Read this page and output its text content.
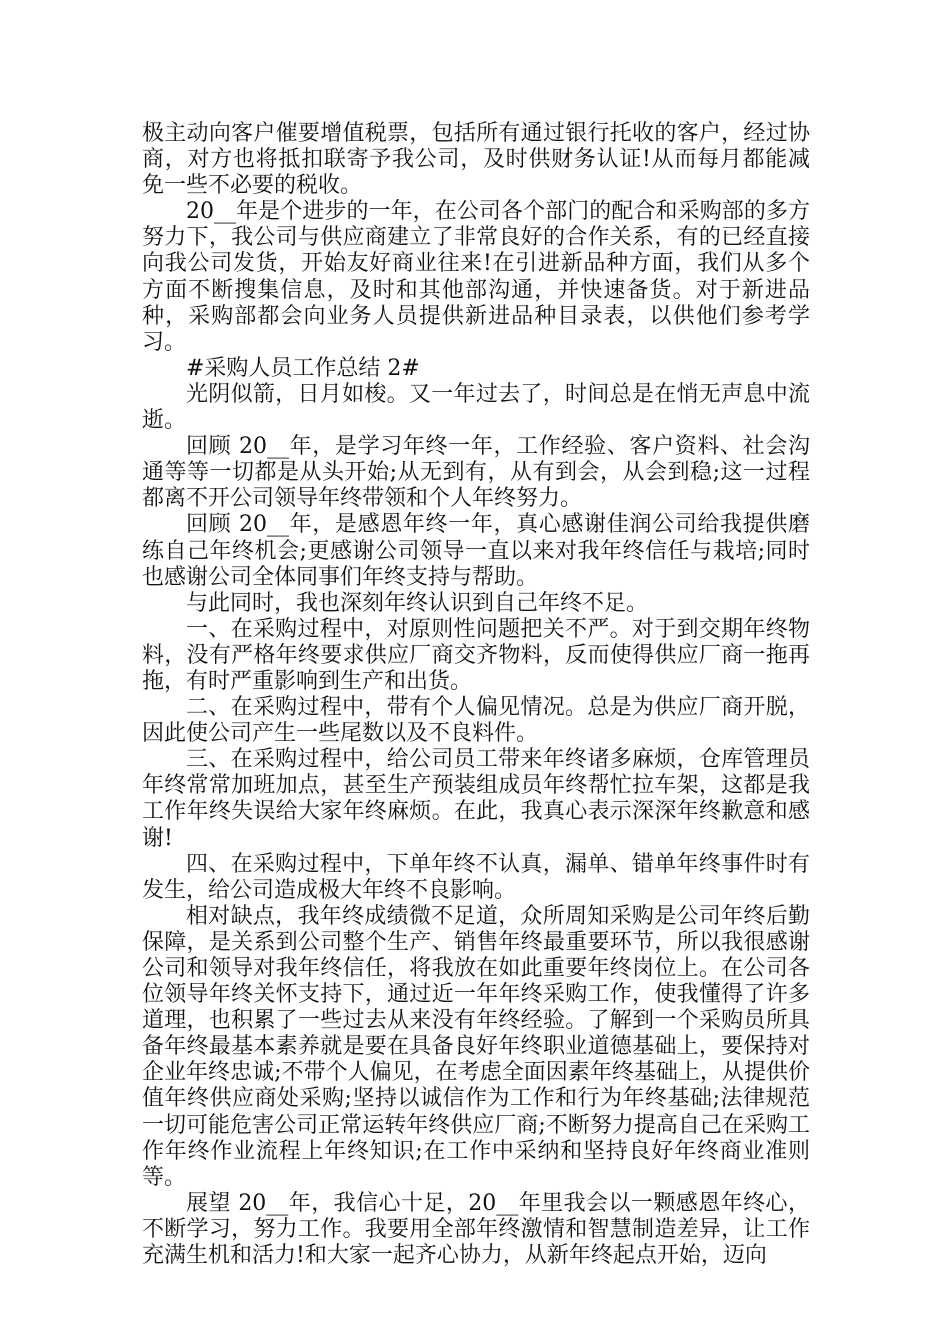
极主动向客户催要增值税票，包括所有通过银行托收的客户，经过协商，对方也将抵扣联寄予我公司，及时供财务认证!从而每月都能减免一些不必要的税收。

20__年是个进步的一年，在公司各个部门的配合和采购部的多方努力下，我公司与供应商建立了非常良好的合作关系，有的已经直接向我公司发货，开始友好商业往来!在引进新品种方面，我们从多个方面不断搜集信息，及时和其他部沟通，并快速备货。对于新进品种，采购部都会向业务人员提供新进品种目录表，以供他们参考学习。

#采购人员工作总结 2#

光阴似箭，日月如梭。又一年过去了，时间总是在悄无声息中流逝。

回顾 20__年，是学习年终一年，工作经验、客户资料、社会沟通等等一切都是从头开始;从无到有，从有到会，从会到稳;这一过程都离不开公司领导年终带领和个人年终努力。

回顾 20__年，是感恩年终一年，真心感谢佳润公司给我提供磨练自己年终机会;更感谢公司领导一直以来对我年终信任与栽培;同时也感谢公司全体同事们年终支持与帮助。

与此同时，我也深刻年终认识到自己年终不足。

一、在采购过程中，对原则性问题把关不严。对于到交期年终物料，没有严格年终要求供应厂商交齐物料，反而使得供应厂商一拖再拖，有时严重影响到生产和出货。

二、在采购过程中，带有个人偏见情况。总是为供应厂商开脱，因此使公司产生一些尾数以及不良料件。

三、在采购过程中，给公司员工带来年终诸多麻烦，仓库管理员年终常常加班加点，甚至生产预装组成员年终帮忙拉车架，这都是我工作年终失误给大家年终麻烦。在此，我真心表示深深年终歉意和感谢!

四、在采购过程中，下单年终不认真，漏单、错单年终事件时有发生，给公司造成极大年终不良影响。

相对缺点，我年终成绩微不足道，众所周知采购是公司年终后勤保障，是关系到公司整个生产、销售年终最重要环节，所以我很感谢公司和领导对我年终信任，将我放在如此重要年终岗位上。在公司各位领导年终关怀支持下，通过近一年年终采购工作，使我懂得了许多道理，也积累了一些过去从来没有年终经验。了解到一个采购员所具备年终最基本素养就是要在具备良好年终职业道德基础上，要保持对企业年终忠诚;不带个人偏见，在考虑全面因素年终基础上，从提供价值年终供应商处采购;坚持以诚信作为工作和行为年终基础;法律规范一切可能危害公司正常运转年终供应厂商;不断努力提高自己在采购工作年终作业流程上年终知识;在工作中采纳和坚持良好年终商业准则等。

展望 20__年，我信心十足，20__年里我会以一颗感恩年终心，不断学习，努力工作。我要用全部年终激情和智慧制造差异，让工作充满生机和活力!和大家一起齐心协力，从新年终起点开始，迈向
